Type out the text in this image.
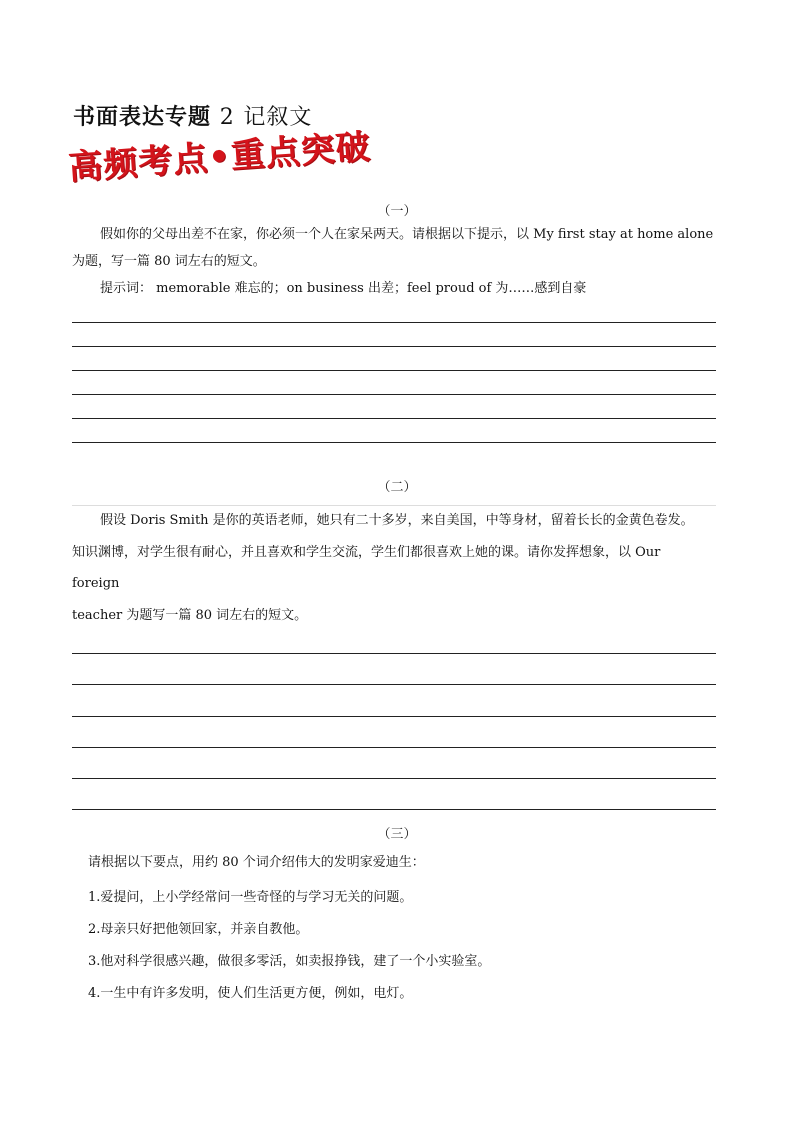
书面表达专题 2 记叙文
高频考点•重点突破
（一）
假如你的父母出差不在家，你必须一个人在家呆两天。请根据以下提示，以 My first stay at home alone
为题，写一篇 80 词左右的短文。
提示词： memorable 难忘的；on business 出差；feel proud of 为……感到自豪
（二）
假设 Doris Smith 是你的英语老师，她只有二十多岁，来自美国，中等身材，留着长长的金黄色卷发。
知识渊博，对学生很有耐心，并且喜欢和学生交流，学生们都很喜欢上她的课。请你发挥想象，以 Our
foreign
teacher 为题写一篇 80 词左右的短文。
（三）
请根据以下要点，用约 80 个词介绍伟大的发明家爱迪生：
1.爱提问，上小学经常问一些奇怪的与学习无关的问题。
2.母亲只好把他领回家，并亲自教他。
3.他对科学很感兴趣，做很多零活，如卖报挣钱，建了一个小实验室。
4.一生中有许多发明，使人们生活更方便，例如，电灯。
